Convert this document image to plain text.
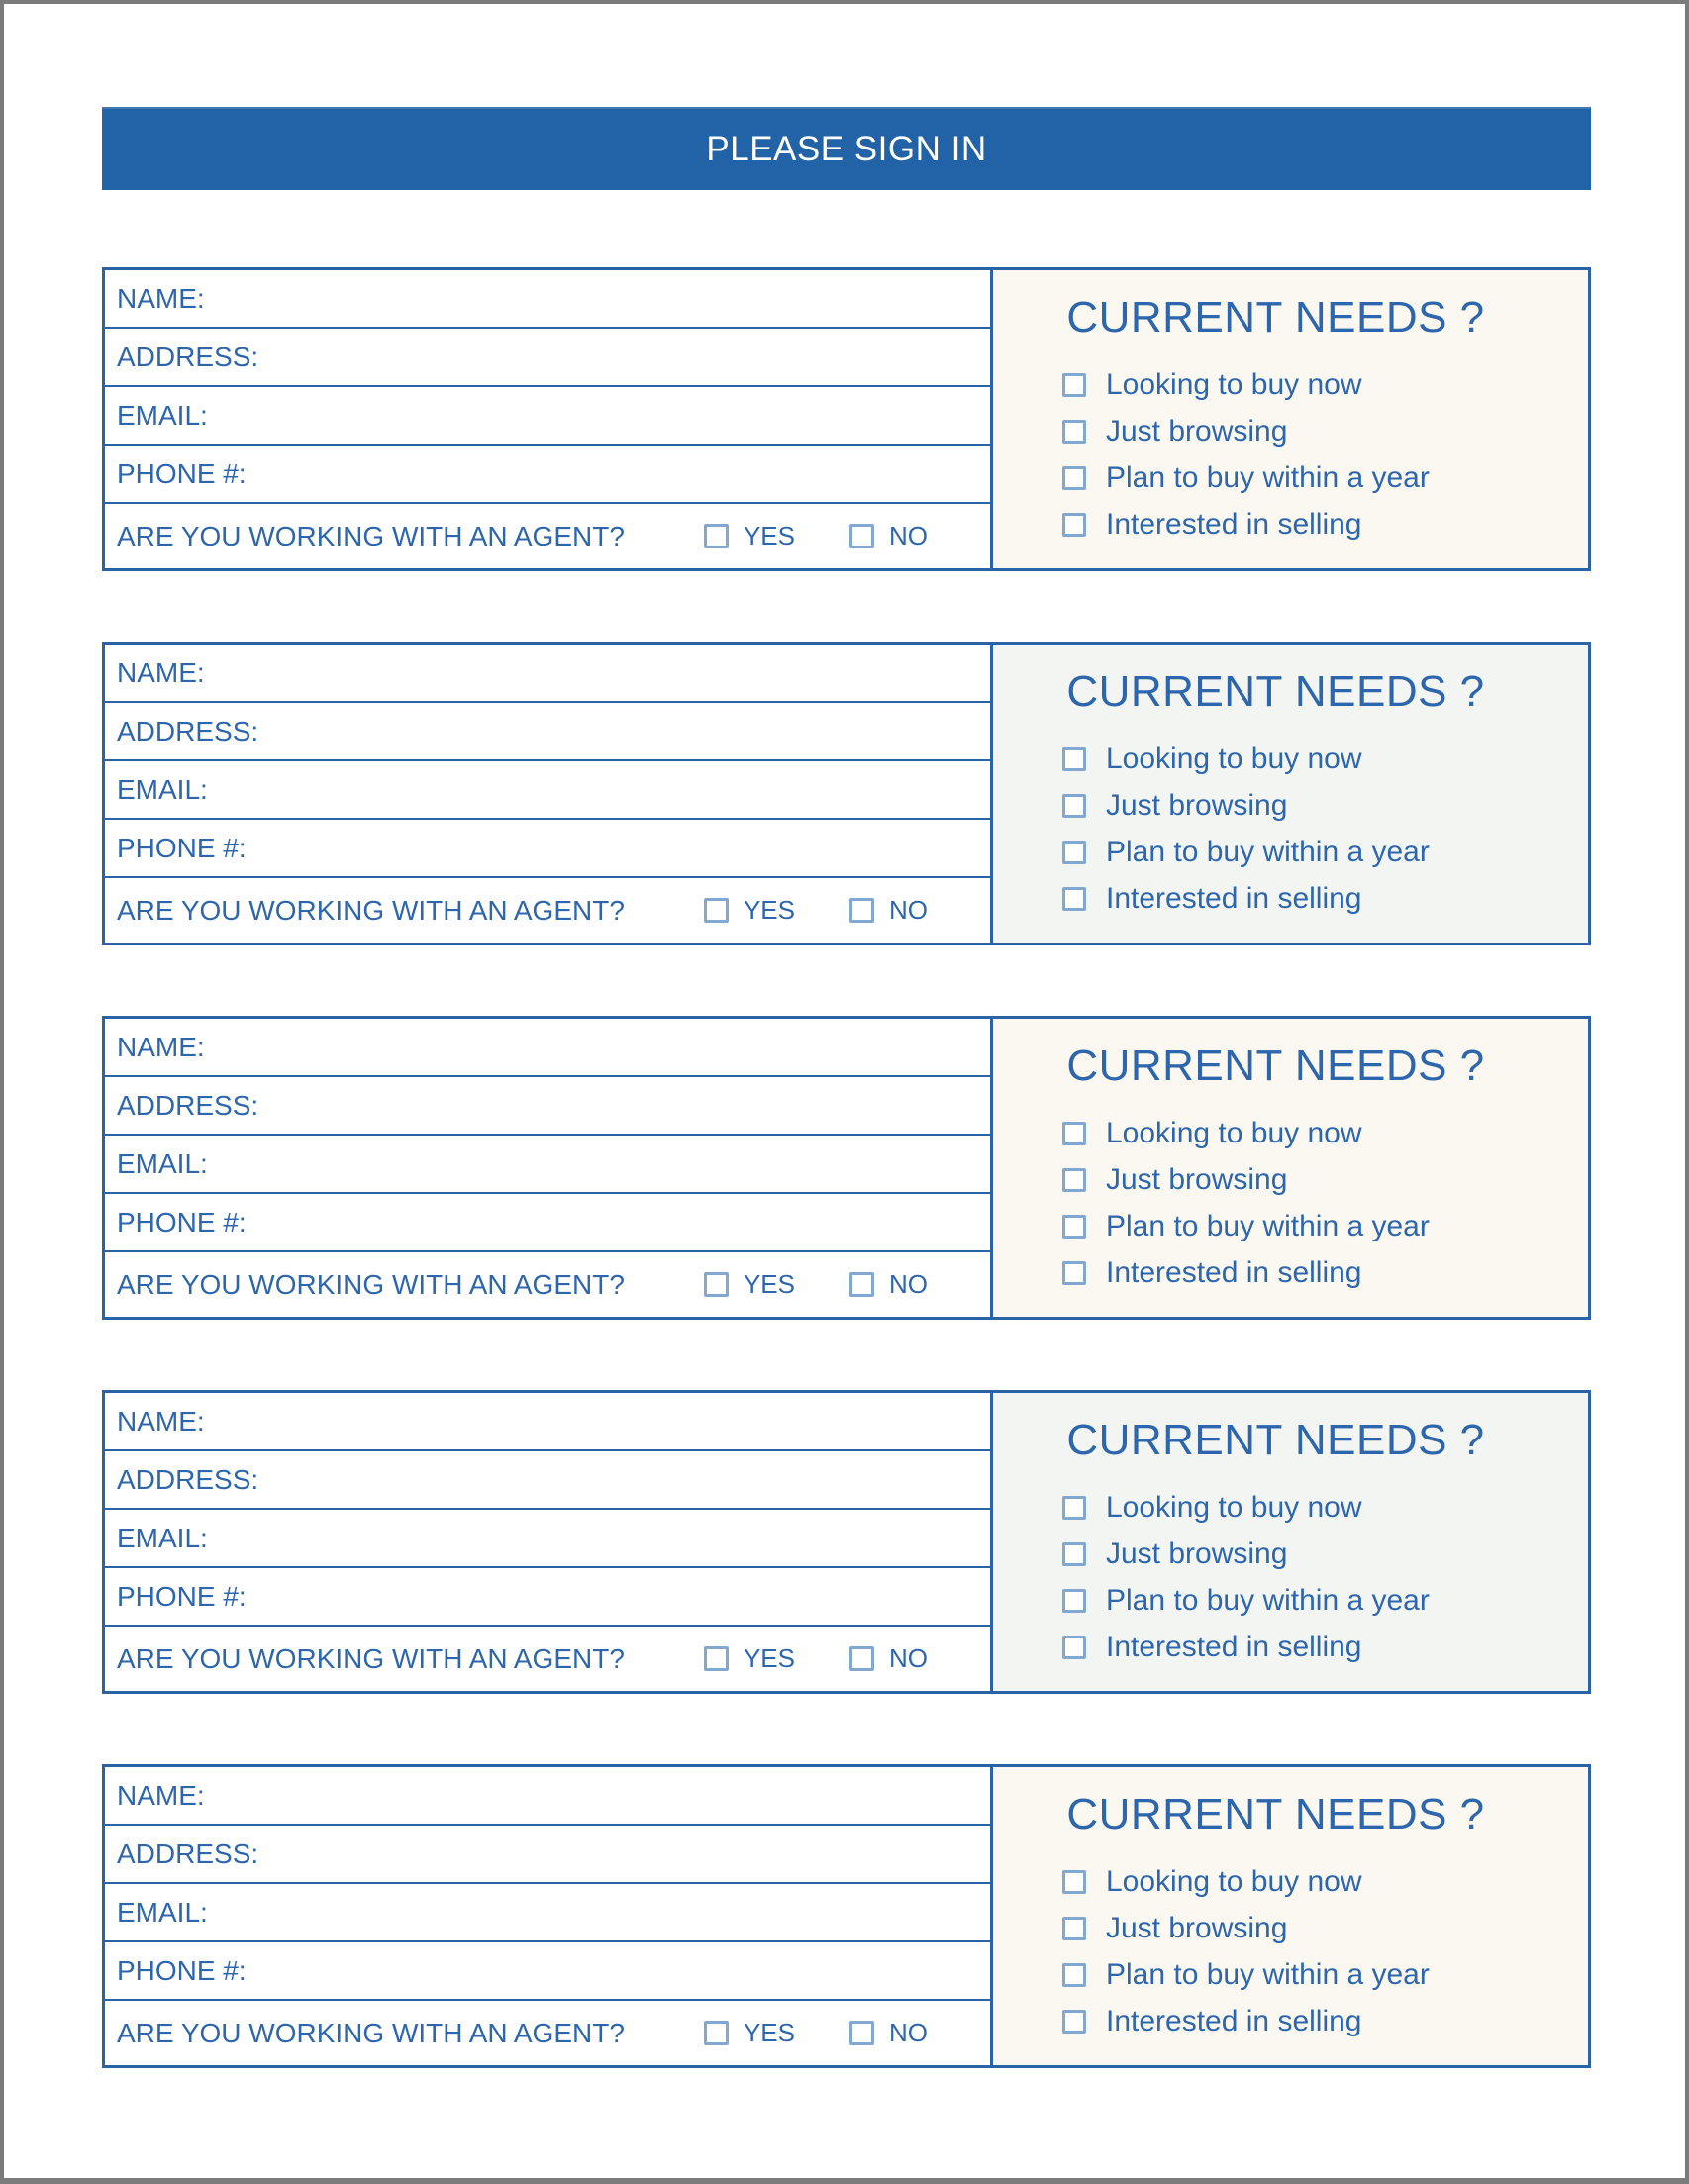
PLEASE SIGN IN
NAME:
ADDRESS:
EMAIL:
PHONE #:
ARE YOU WORKING WITH AN AGENT?	YES	NO
CURRENT NEEDS ?
Looking to buy now
Just browsing
Plan to buy within a year
Interested in selling
NAME:
ADDRESS:
EMAIL:
PHONE #:
ARE YOU WORKING WITH AN AGENT?	YES	NO
CURRENT NEEDS ?
Looking to buy now
Just browsing
Plan to buy within a year
Interested in selling
NAME:
ADDRESS:
EMAIL:
PHONE #:
ARE YOU WORKING WITH AN AGENT?	YES	NO
CURRENT NEEDS ?
Looking to buy now
Just browsing
Plan to buy within a year
Interested in selling
NAME:
ADDRESS:
EMAIL:
PHONE #:
ARE YOU WORKING WITH AN AGENT?	YES	NO
CURRENT NEEDS ?
Looking to buy now
Just browsing
Plan to buy within a year
Interested in selling
NAME:
ADDRESS:
EMAIL:
PHONE #:
ARE YOU WORKING WITH AN AGENT?	YES	NO
CURRENT NEEDS ?
Looking to buy now
Just browsing
Plan to buy within a year
Interested in selling
